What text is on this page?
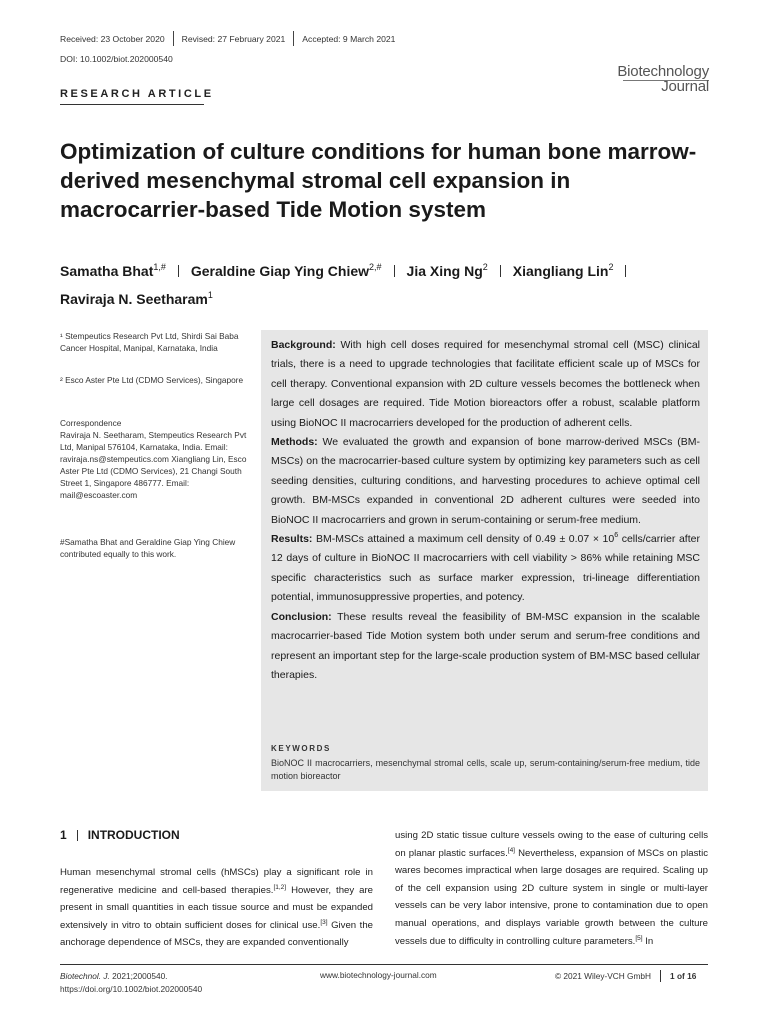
Received: 23 October 2020 Revised: 27 February 2021 Accepted: 9 March 2021
DOI: 10.1002/biot.202000540
Biotechnology
Journal
RESEARCH ARTICLE
Optimization of culture conditions for human bone marrow-derived mesenchymal stromal cell expansion in macrocarrier-based Tide Motion system
Samatha Bhat$^{1,\#}$ Geraldine Giap Ying Chiew$^{2,\#}$ Jia Xing Ng$^2$ Xiangliang Lin$^2$
Raviraja N. Seetharam$^1$
¹ Stempeutics Research Pvt Ltd, Shirdi Sai Baba Cancer Hospital, Manipal, Karnataka, India
² Esco Aster Pte Ltd (CDMO Services), Singapore
Correspondence
Raviraja N. Seetharam, Stempeutics Research Pvt Ltd, Manipal 576104, Karnataka, India. Email: raviraja.ns@stempeutics.com Xiangliang Lin, Esco Aster Pte Ltd (CDMO Services), 21 Changi South Street 1, Singapore 486777. Email: mail@escoaster.com
#Samatha Bhat and Geraldine Giap Ying Chiew contributed equally to this work.

Background: With high cell doses required for mesenchymal stromal cell (MSC) clinical trials, there is a need to upgrade technologies that facilitate efficient scale up of MSCs for cell therapy. Conventional expansion with 2D culture vessels becomes the bottleneck when large cell dosages are required. Tide Motion bioreactors offer a robust, scalable platform using BioNOC II macrocarriers developed for the production of adherent cells.

Methods: We evaluated the growth and expansion of bone marrow-derived MSCs (BM-MSCs) on the macrocarrier-based culture system by optimizing key parameters such as cell seeding densities, culturing conditions, and harvesting procedures to achieve optimal cell growth. BM-MSCs expanded in conventional 2D adherent cultures were seeded into BioNOC II macrocarriers and grown in serum-containing or serum-free medium.

Results: BM-MSCs attained a maximum cell density of $0.49 \pm 0.07 \times 10^6$ cells/carrier after 12 days of culture in BioNOC II macrocarriers with cell viability > 86% while retaining MSC specific characteristics such as surface marker expression, tri-lineage differentiation potential, immunosuppressive properties, and potency.

Conclusion: These results reveal the feasibility of BM-MSC expansion in the scalable macrocarrier-based Tide Motion system both under serum and serum-free conditions and represent an important step for the large-scale production system of BM-MSC based cellular therapies.

KEYWORDS
BioNOC II macrocarriers, mesenchymal stromal cells, scale up, serum-containing/serum-free medium, tide motion bioreactor
1 INTRODUCTION

Human mesenchymal stromal cells (hMSCs) play a significant role in regenerative medicine and cell-based therapies.[1,2] However, they are present in small quantities in each tissue source and must be expanded extensively in vitro to obtain sufficient doses for clinical use.[3] Given the anchorage dependence of MSCs, they are expanded conventionally

using 2D static tissue culture vessels owing to the ease of culturing cells on planar plastic surfaces.[4] Nevertheless, expansion of MSCs on plastic wares becomes impractical when large dosages are required. Scaling up of the cell expansion using 2D culture system in single or multi-layer vessels can be very labor intensive, prone to contamination due to open manual operations, and displays variable growth between the culture vessels due to difficulty in controlling culture parameters.[5] In

Biotechnol. J. 2021;2000540.
https://doi.org/10.1002/biot.202000540
www.biotechnology-journal.com	© 2021 Wiley-VCH GmbH 1 of 16
